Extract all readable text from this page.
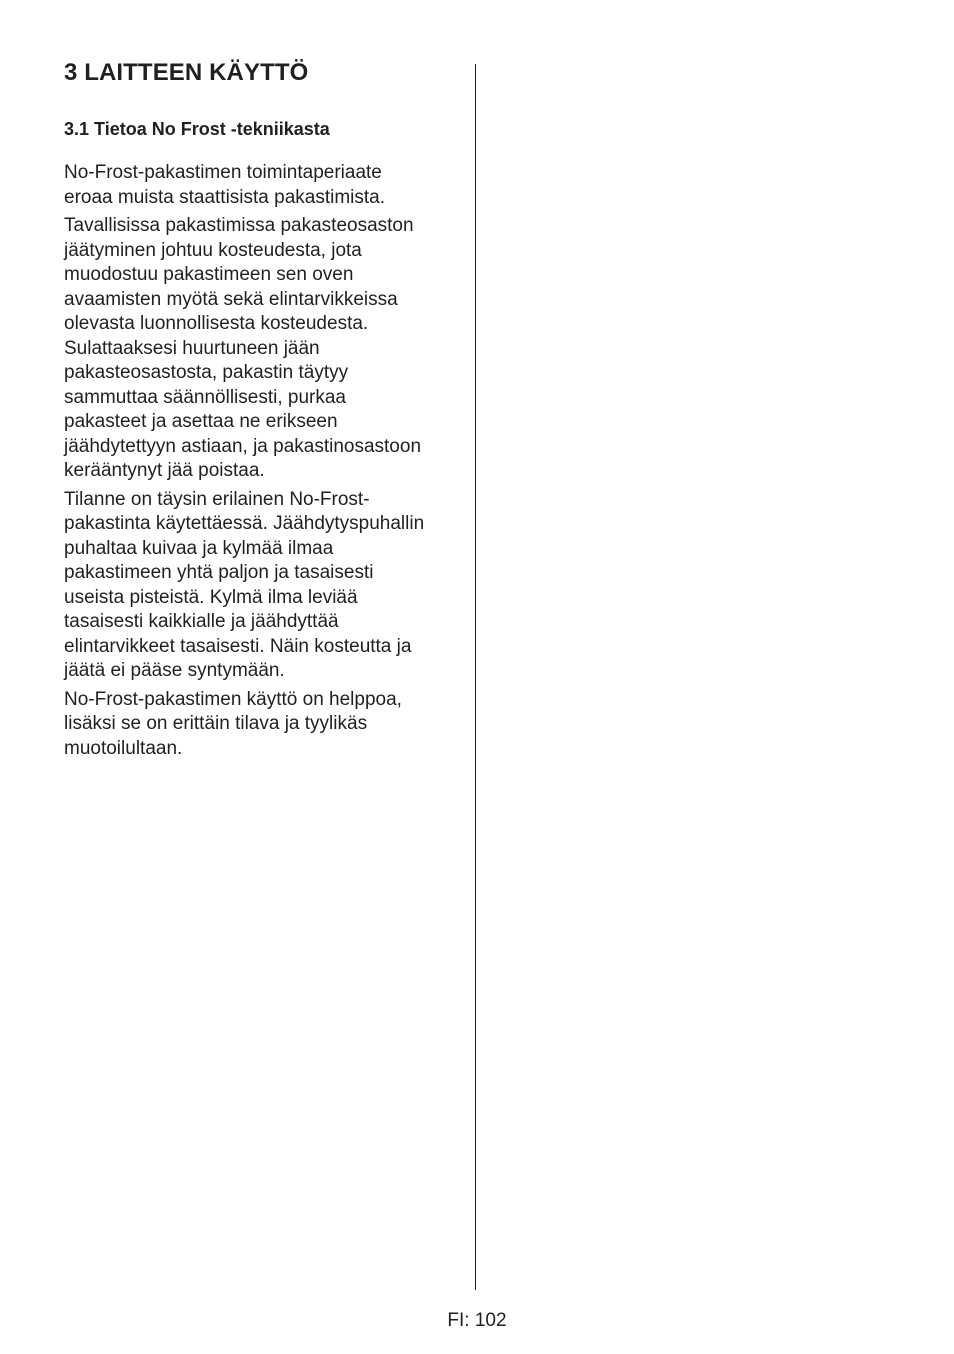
3 LAITTEEN KÄYTTÖ
3.1 Tietoa No Frost -tekniikasta

No-Frost-pakastimen toimintaperiaate
eroaa muista staattisista pakastimista.

Tavallisissa pakastimissa pakasteosaston
jäätyminen johtuu kosteudesta, jota
muodostuu pakastimeen sen oven
avaamisten myötä sekä elintarvikkeissa
olevasta luonnollisesta kosteudesta.
Sulattaaksesi huurtuneen jään
pakasteosastosta, pakastin täytyy
sammuttaa säännöllisesti, purkaa
pakasteet ja asettaa ne erikseen
jäähdytettyyn astiaan, ja pakastinosastoon
kerääntynyt jää poistaa.

Tilanne on täysin erilainen No-Frost-
pakastinta käytettäessä. Jäähdytyspuhallin
puhaltaa kuivaa ja kylmää ilmaa
pakastimeen yhtä paljon ja tasaisesti
useista pisteistä. Kylmä ilma leviää
tasaisesti kaikkialle ja jäähdyttää
elintarvikkeet tasaisesti. Näin kosteutta ja
jäätä ei pääse syntymään.

No-Frost-pakastimen käyttö on helppoa,
lisäksi se on erittäin tilava ja tyylikäs
muotoilultaan.

FI: 102
